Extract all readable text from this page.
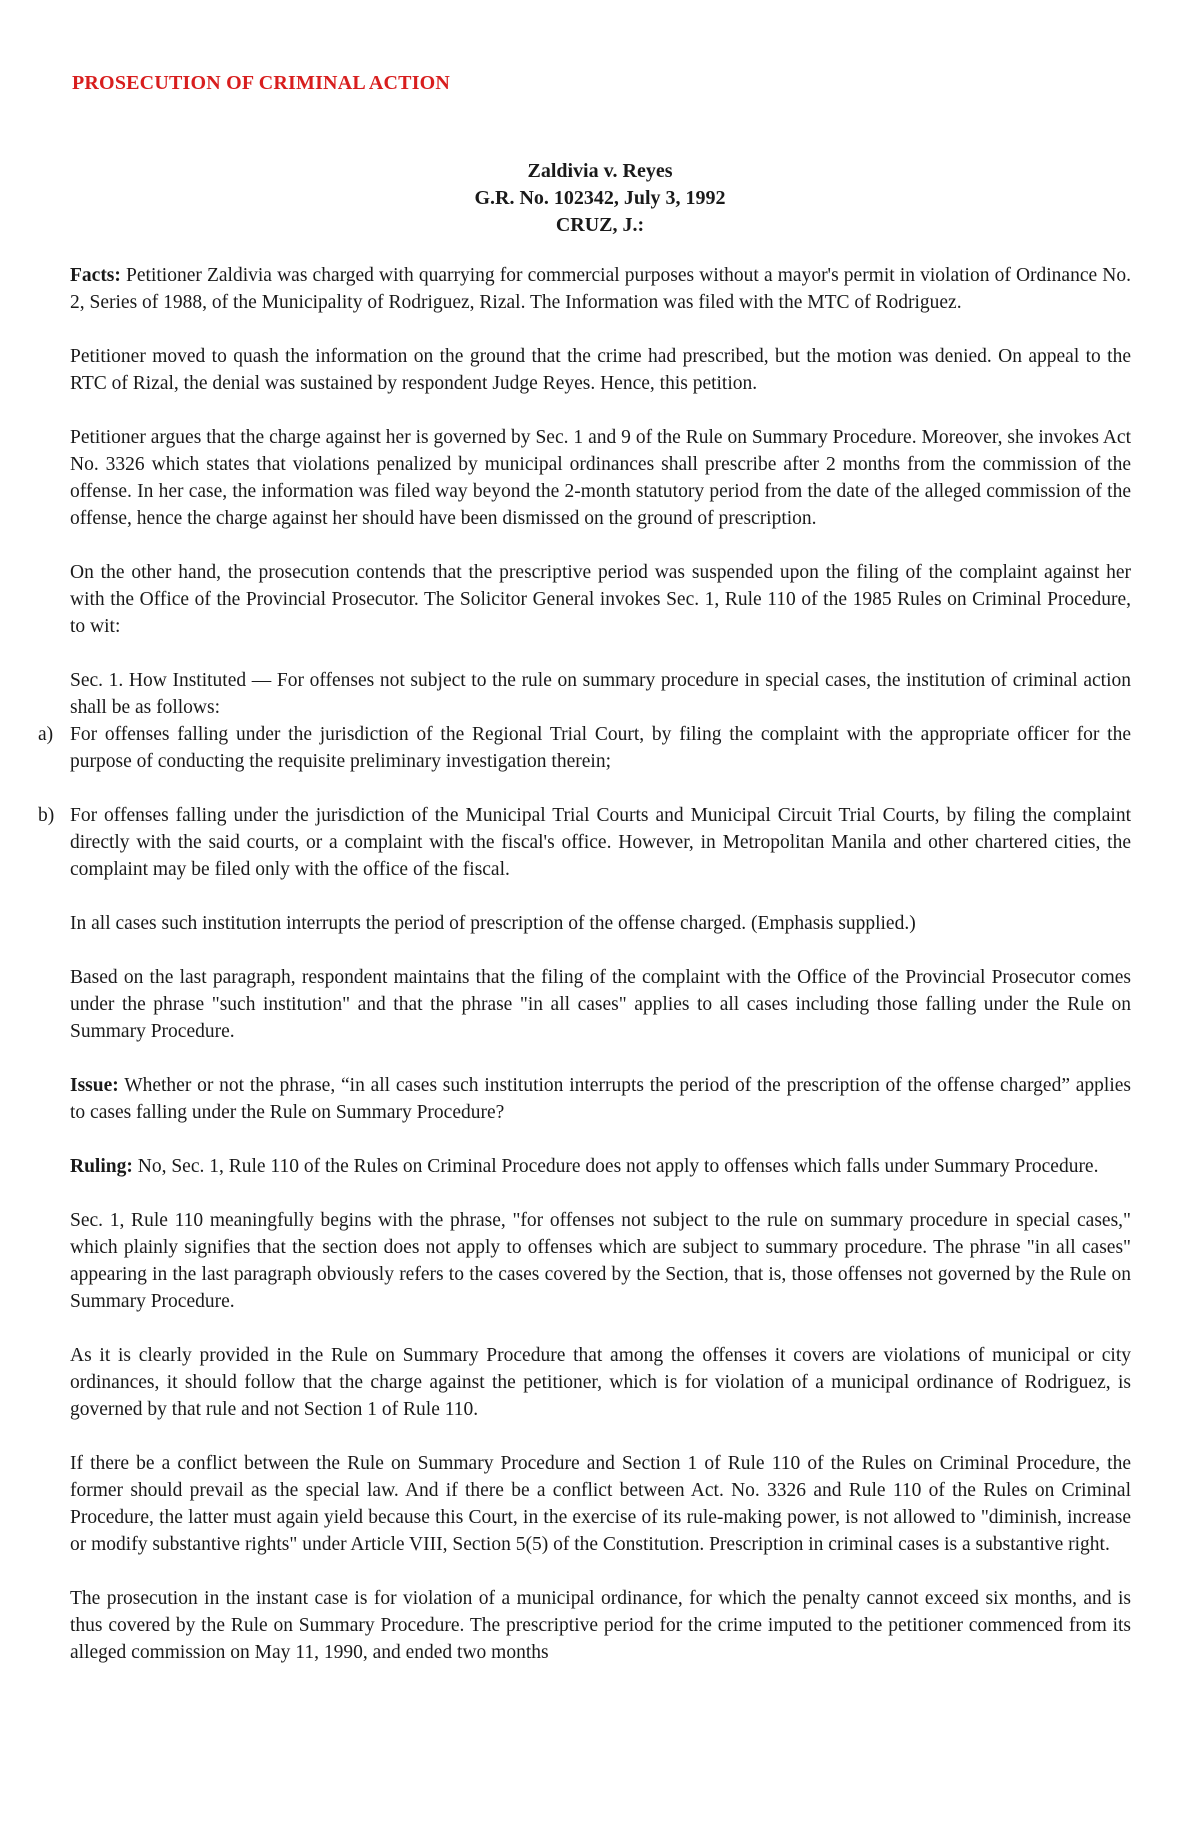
PROSECUTION OF CRIMINAL ACTION
Zaldivia v. Reyes
G.R. No. 102342, July 3, 1992
CRUZ, J.:

Facts: Petitioner Zaldivia was charged with quarrying for commercial purposes without a mayor's permit in violation of Ordinance No. 2, Series of 1988, of the Municipality of Rodriguez, Rizal. The Information was filed with the MTC of Rodriguez.

Petitioner moved to quash the information on the ground that the crime had prescribed, but the motion was denied. On appeal to the RTC of Rizal, the denial was sustained by respondent Judge Reyes. Hence, this petition.

Petitioner argues that the charge against her is governed by Sec. 1 and 9 of the Rule on Summary Procedure. Moreover, she invokes Act No. 3326 which states that violations penalized by municipal ordinances shall prescribe after 2 months from the commission of the offense. In her case, the information was filed way beyond the 2-month statutory period from the date of the alleged commission of the offense, hence the charge against her should have been dismissed on the ground of prescription.

On the other hand, the prosecution contends that the prescriptive period was suspended upon the filing of the complaint against her with the Office of the Provincial Prosecutor. The Solicitor General invokes Sec. 1, Rule 110 of the 1985 Rules on Criminal Procedure, to wit:

Sec. 1. How Instituted — For offenses not subject to the rule on summary procedure in special cases, the institution of criminal action shall be as follows:

a) For offenses falling under the jurisdiction of the Regional Trial Court, by filing the complaint with the appropriate officer for the purpose of conducting the requisite preliminary investigation therein;

b) For offenses falling under the jurisdiction of the Municipal Trial Courts and Municipal Circuit Trial Courts, by filing the complaint directly with the said courts, or a complaint with the fiscal's office. However, in Metropolitan Manila and other chartered cities, the complaint may be filed only with the office of the fiscal.

In all cases such institution interrupts the period of prescription of the offense charged. (Emphasis supplied.)

Based on the last paragraph, respondent maintains that the filing of the complaint with the Office of the Provincial Prosecutor comes under the phrase "such institution" and that the phrase "in all cases" applies to all cases including those falling under the Rule on Summary Procedure.

Issue: Whether or not the phrase, “in all cases such institution interrupts the period of the prescription of the offense charged” applies to cases falling under the Rule on Summary Procedure?

Ruling: No, Sec. 1, Rule 110 of the Rules on Criminal Procedure does not apply to offenses which falls under Summary Procedure.

Sec. 1, Rule 110 meaningfully begins with the phrase, "for offenses not subject to the rule on summary procedure in special cases," which plainly signifies that the section does not apply to offenses which are subject to summary procedure. The phrase "in all cases" appearing in the last paragraph obviously refers to the cases covered by the Section, that is, those offenses not governed by the Rule on Summary Procedure.

As it is clearly provided in the Rule on Summary Procedure that among the offenses it covers are violations of municipal or city ordinances, it should follow that the charge against the petitioner, which is for violation of a municipal ordinance of Rodriguez, is governed by that rule and not Section 1 of Rule 110.

If there be a conflict between the Rule on Summary Procedure and Section 1 of Rule 110 of the Rules on Criminal Procedure, the former should prevail as the special law. And if there be a conflict between Act. No. 3326 and Rule 110 of the Rules on Criminal Procedure, the latter must again yield because this Court, in the exercise of its rule-making power, is not allowed to "diminish, increase or modify substantive rights" under Article VIII, Section 5(5) of the Constitution. Prescription in criminal cases is a substantive right.

The prosecution in the instant case is for violation of a municipal ordinance, for which the penalty cannot exceed six months, and is thus covered by the Rule on Summary Procedure. The prescriptive period for the crime imputed to the petitioner commenced from its alleged commission on May 11, 1990, and ended two months
